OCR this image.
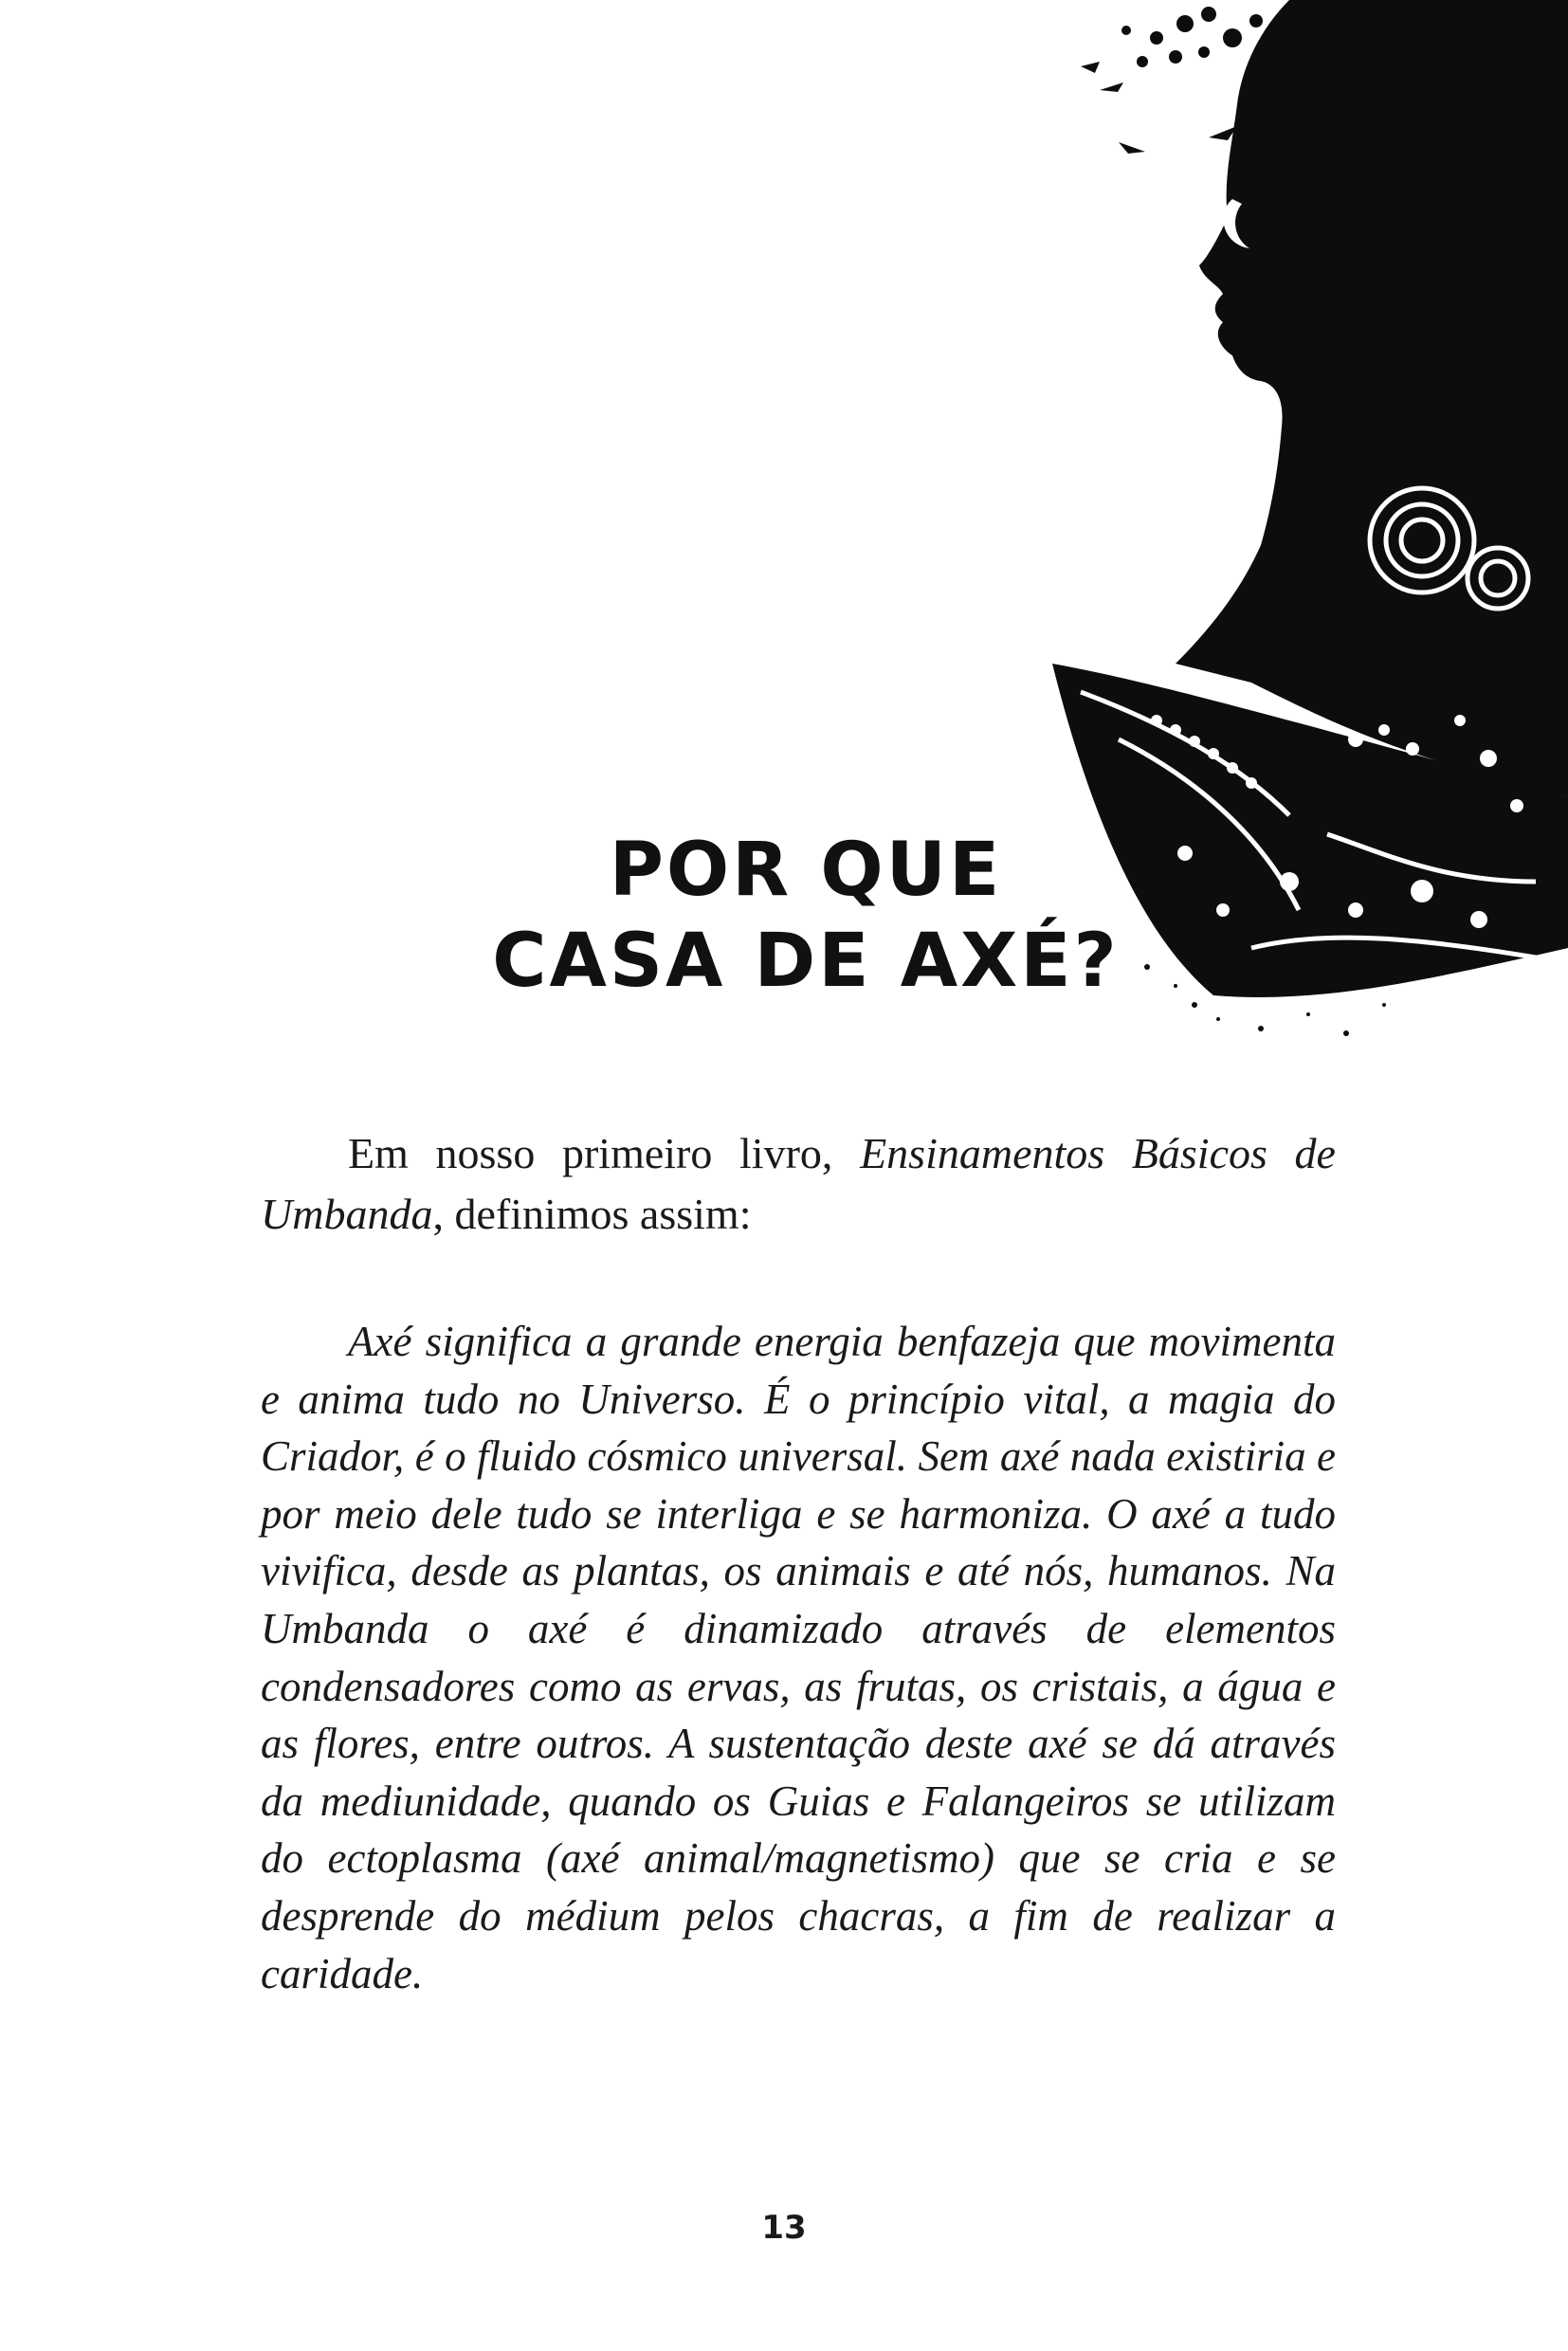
POR QUE
CASA DE AXÉ?

Em nosso primeiro livro, Ensinamentos Básicos de Umbanda, definimos assim:

Axé significa a grande energia benfazeja que movimenta e anima tudo no Universo. É o princípio vital, a magia do Criador, é o fluido cósmico universal. Sem axé nada existiria e por meio dele tudo se interliga e se harmoniza. O axé a tudo vivifica, desde as plantas, os animais e até nós, humanos. Na Umbanda o axé é dinamizado através de elementos condensadores como as ervas, as frutas, os cristais, a água e as flores, entre outros. A sustentação deste axé se dá através da mediunidade, quando os Guias e Falangeiros se utilizam do ectoplasma (axé animal/magnetismo) que se cria e se desprende do médium pelos chacras, a fim de realizar a caridade.

13
